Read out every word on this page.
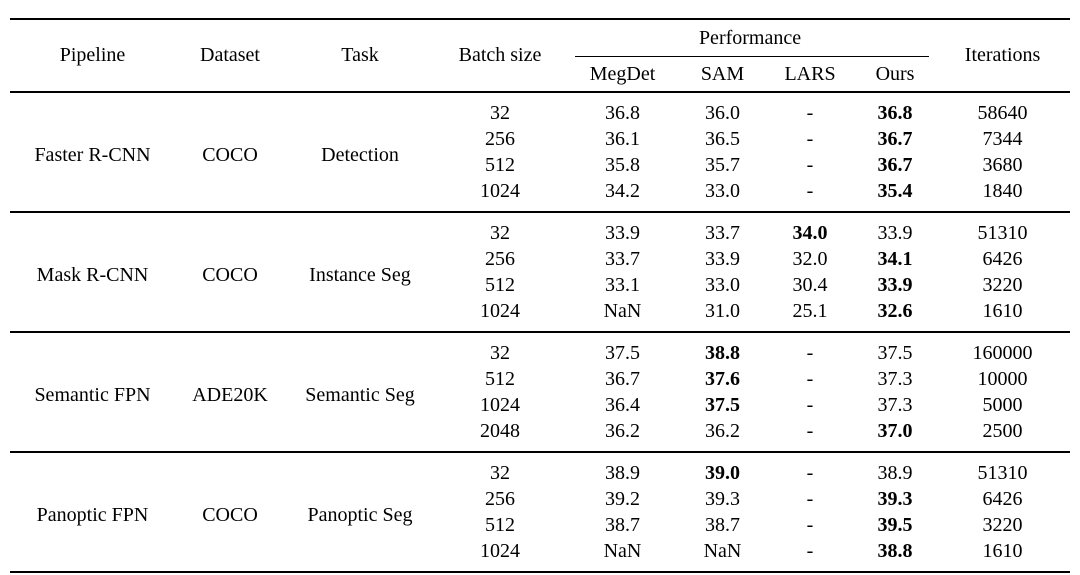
Pipeline	Dataset	Task	Batch size	Performance				Iterations
				MegDet	SAM	LARS	Ours	
Faster R-CNN	COCO	Detection	32	36.8	36.0	-	36.8	58640
			256	36.1	36.5	-	36.7	7344
			512	35.8	35.7	-	36.7	3680
			1024	34.2	33.0	-	35.4	1840
Mask R-CNN	COCO	Instance Seg	32	33.9	33.7	34.0	33.9	51310
			256	33.7	33.9	32.0	34.1	6426
			512	33.1	33.0	30.4	33.9	3220
			1024	NaN	31.0	25.1	32.6	1610
Semantic FPN	ADE20K	Semantic Seg	32	37.5	38.8	-	37.5	160000
			512	36.7	37.6	-	37.3	10000
			1024	36.4	37.5	-	37.3	5000
			2048	36.2	36.2	-	37.0	2500
Panoptic FPN	COCO	Panoptic Seg	32	38.9	39.0	-	38.9	51310
			256	39.2	39.3	-	39.3	6426
			512	38.7	38.7	-	39.5	3220
			1024	NaN	NaN	-	38.8	1610
